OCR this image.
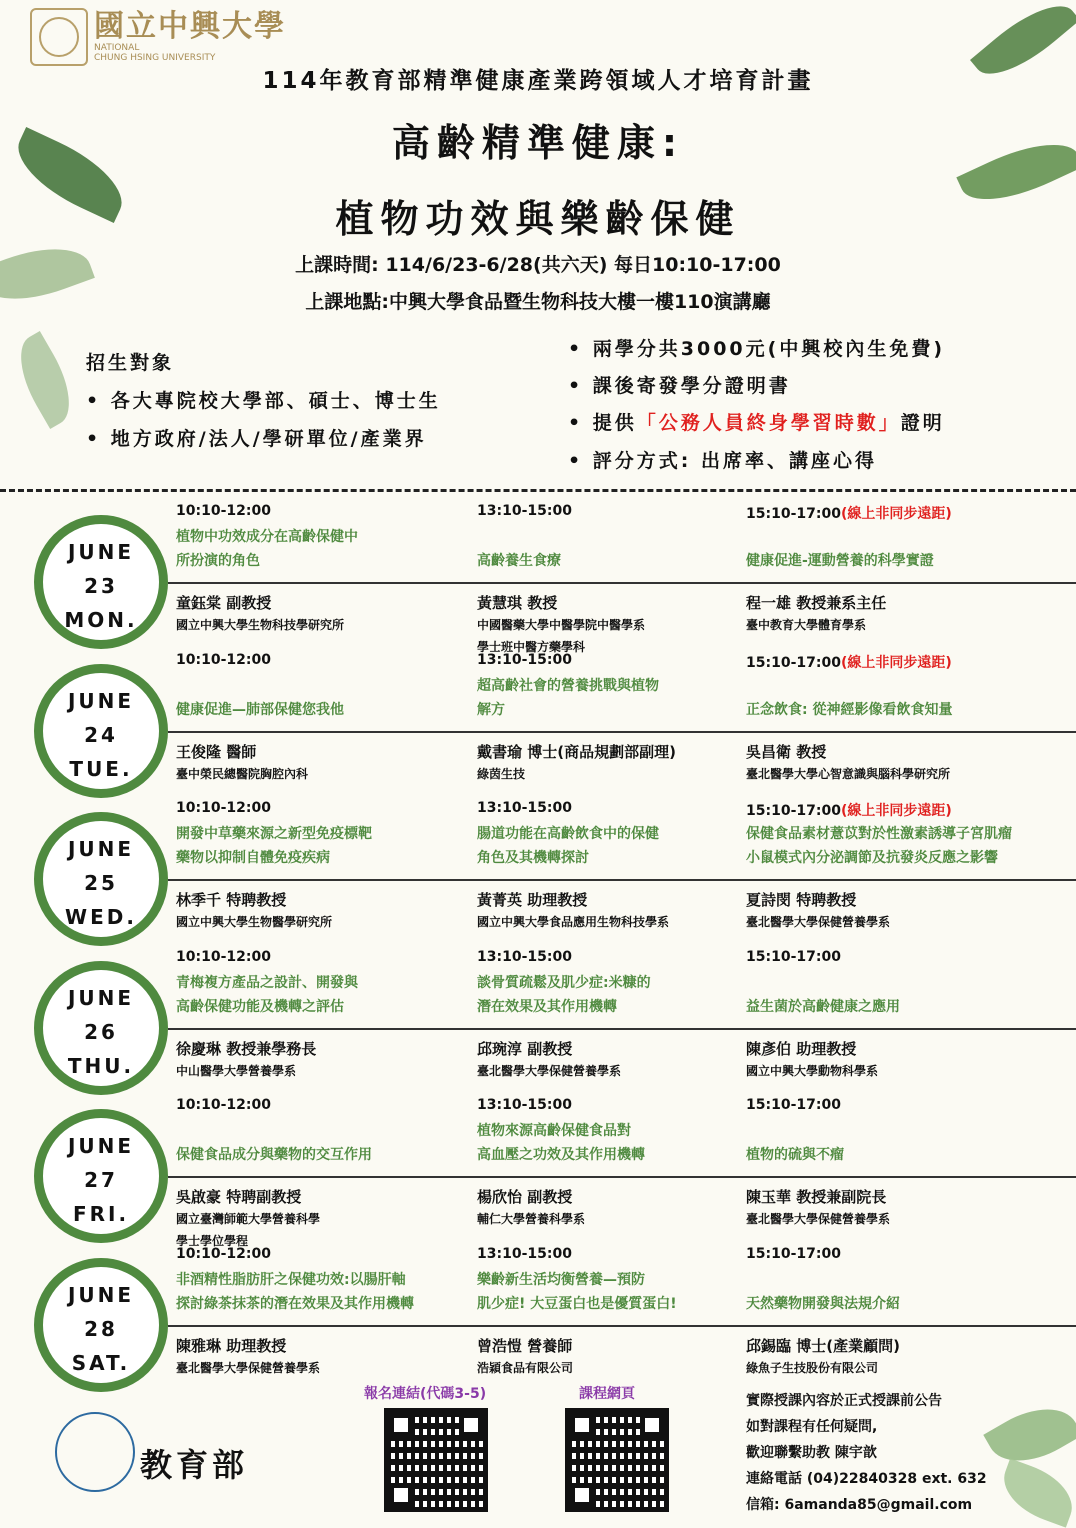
國立中興大學
NATIONAL
CHUNG HSING UNIVERSITY
114年教育部精準健康產業跨領域人才培育計畫
高齡精準健康:
植物功效與樂齡保健
上課時間: 114/6/23-6/28(共六天) 每日10:10-17:00
上課地點:中興大學食品暨生物科技大樓一樓110演講廳
招生對象
• 各大專院校大學部、碩士、博士生
• 地方政府/法人/學研單位/產業界
• 兩學分共3000元(中興校內生免費)
• 課後寄發學分證明書
• 提供「公務人員終身學習時數」證明
• 評分方式: 出席率、講座心得
JUNE
23
MON.
10:10-12:00
植物中功效成分在高齡保健中
所扮演的角色
童鈺棠 副教授
國立中興大學生物科技學研究所
13:10-15:00

高齡養生食療
黃慧琪 教授
中國醫藥大學中醫學院中醫學系
學士班中醫方藥學科
15:10-17:00(線上非同步遠距)

健康促進-運動營養的科學實證
程一雄 教授兼系主任
臺中教育大學體育學系
JUNE
24
TUE.
10:10-12:00

健康促進—肺部保健您我他
王俊隆 醫師
臺中榮民總醫院胸腔內科
13:10-15:00
超高齡社會的營養挑戰與植物
解方
戴書瑜 博士(商品規劃部副理)
綠茵生技
15:10-17:00(線上非同步遠距)

正念飲食: 從神經影像看飲食知量
吳昌衛 教授
臺北醫學大學心智意識與腦科學研究所
JUNE
25
WED.
10:10-12:00
開發中草藥來源之新型免疫標靶
藥物以抑制自體免疫疾病
林季千 特聘教授
國立中興大學生物醫學研究所
13:10-15:00
腸道功能在高齡飲食中的保健
角色及其機轉探討
黃菁英 助理教授
國立中興大學食品應用生物科技學系
15:10-17:00(線上非同步遠距)
保健食品素材薏苡對於性激素誘導子宮肌瘤
小鼠模式內分泌調節及抗發炎反應之影響
夏詩閔 特聘教授
臺北醫學大學保健營養學系
JUNE
26
THU.
10:10-12:00
青梅複方產品之設計、開發與
高齡保健功能及機轉之評估
徐慶琳 教授兼學務長
中山醫學大學營養學系
13:10-15:00
談骨質疏鬆及肌少症:米糠的
潛在效果及其作用機轉
邱琬淳 副教授
臺北醫學大學保健營養學系
15:10-17:00

益生菌於高齡健康之應用
陳彥伯 助理教授
國立中興大學動物科學系
JUNE
27
FRI.
10:10-12:00

保健食品成分與藥物的交互作用
吳啟豪 特聘副教授
國立臺灣師範大學營養科學
學士學位學程
13:10-15:00
植物來源高齡保健食品對
高血壓之功效及其作用機轉
楊欣怡 副教授
輔仁大學營養科學系
15:10-17:00

植物的硫與不瘤
陳玉華 教授兼副院長
臺北醫學大學保健營養學系
JUNE
28
SAT.
10:10-12:00
非酒精性脂肪肝之保健功效:以腸肝軸
探討綠茶抹茶的潛在效果及其作用機轉
陳雅琳 助理教授
臺北醫學大學保健營養學系
13:10-15:00
樂齡新生活均衡營養—預防
肌少症! 大豆蛋白也是優質蛋白!
曾浩愷 營養師
浩穎食品有限公司
15:10-17:00

天然藥物開發與法規介紹
邱錫臨 博士(產業顧問)
綠魚子生技股份有限公司
報名連結(代碼3-5)	課程網頁
教育部
實際授課內容於正式授課前公告
如對課程有任何疑問,
歡迎聯繫助教 陳宇歆
連絡電話 (04)22840328 ext. 632
信箱: 6amanda85@gmail.com
